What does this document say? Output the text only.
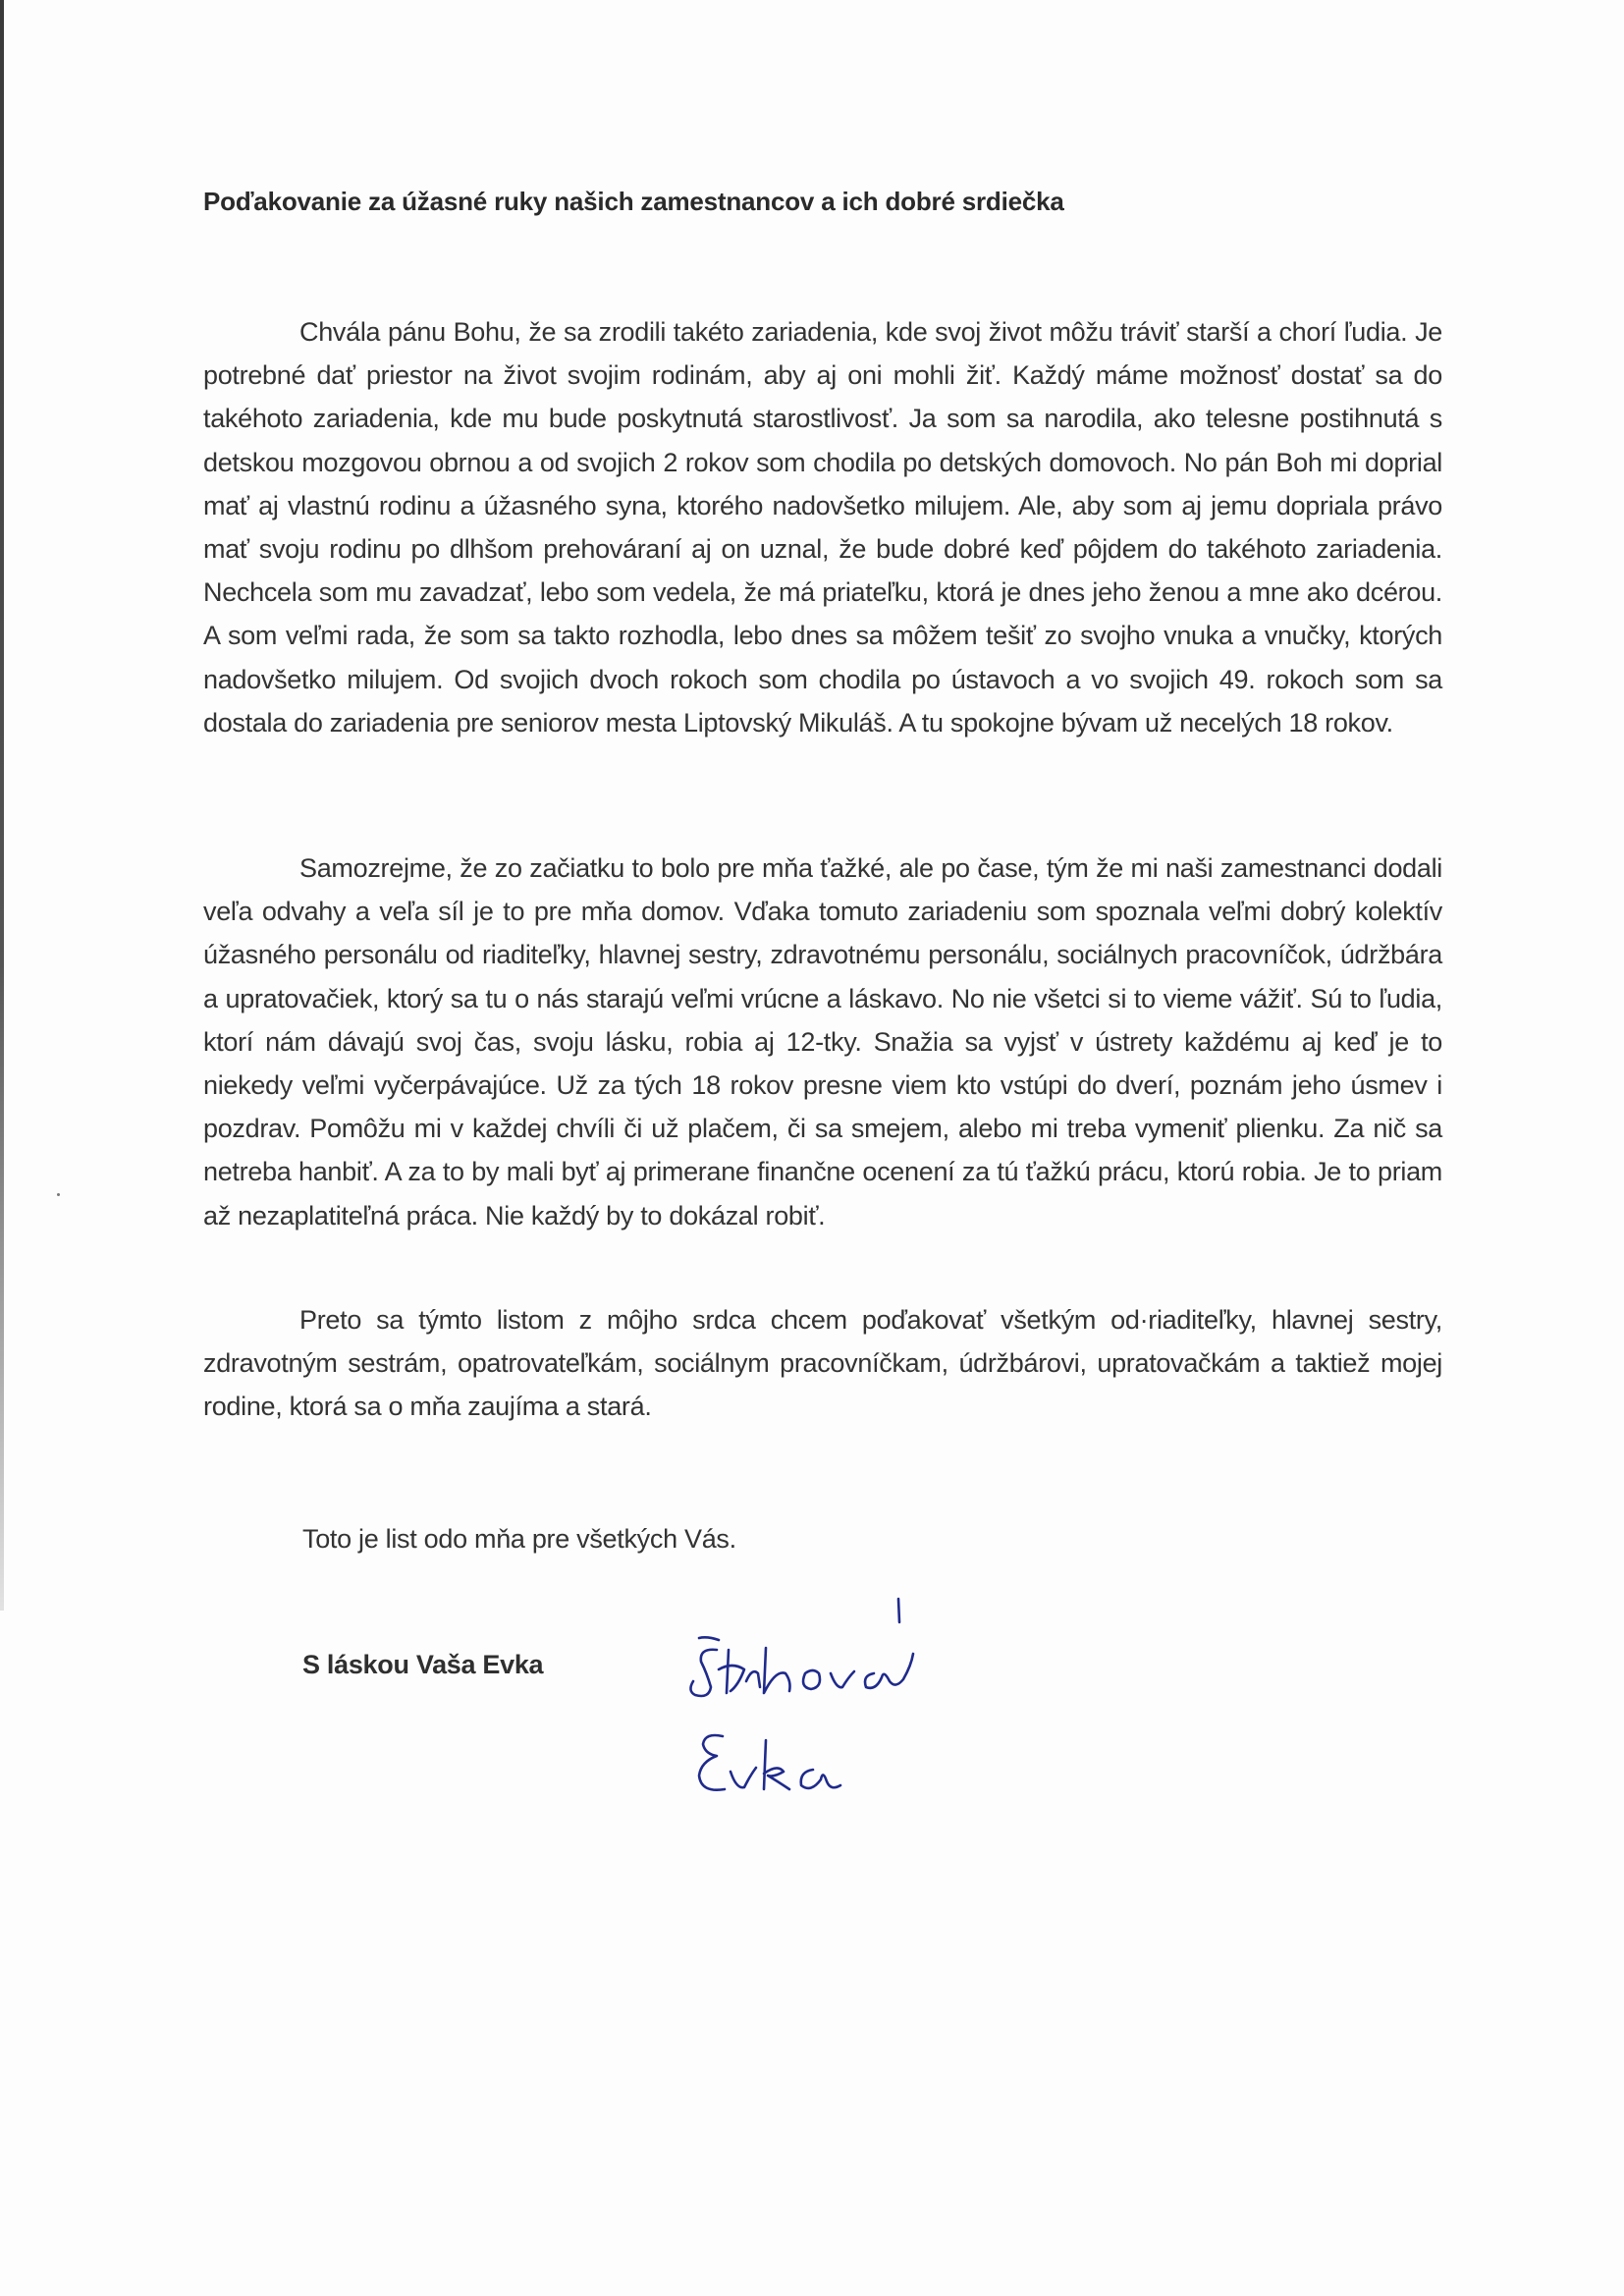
Poďakovanie za úžasné ruky našich zamestnancov a ich dobré srdiečka

Chvála pánu Bohu, že sa zrodili takéto zariadenia, kde svoj život môžu tráviť starší a chorí ľudia. Je potrebné dať priestor na život svojim rodinám, aby aj oni mohli žiť. Každý máme možnosť dostať sa do takéhoto zariadenia, kde mu bude poskytnutá starostlivosť. Ja som sa narodila, ako telesne postihnutá s detskou mozgovou obrnou a od svojich 2 rokov som chodila po detských domovoch. No pán Boh mi doprial mať aj vlastnú rodinu a úžasného syna, ktorého nadovšetko milujem. Ale, aby som aj jemu dopriala právo mať svoju rodinu po dlhšom prehováraní aj on uznal, že bude dobré keď pôjdem do takéhoto zariadenia. Nechcela som mu zavadzať, lebo som vedela, že má priateľku, ktorá je dnes jeho ženou a mne ako dcérou. A som veľmi rada, že som sa takto rozhodla, lebo dnes sa môžem tešiť zo svojho vnuka a vnučky, ktorých nadovšetko milujem. Od svojich dvoch rokoch som chodila po ústavoch a vo svojich 49. rokoch som sa dostala do zariadenia pre seniorov mesta Liptovský Mikuláš. A tu spokojne bývam už necelých 18 rokov.

Samozrejme, že zo začiatku to bolo pre mňa ťažké, ale po čase, tým že mi naši zamestnanci dodali veľa odvahy a veľa síl je to pre mňa domov. Vďaka tomuto zariadeniu som spoznala veľmi dobrý kolektív úžasného personálu od riaditeľky, hlavnej sestry, zdravotnému personálu, sociálnych pracovníčok, údržbára a upratovačiek, ktorý sa tu o nás starajú veľmi vrúcne a láskavo. No nie všetci si to vieme vážiť. Sú to ľudia, ktorí nám dávajú svoj čas, svoju lásku, robia aj 12-tky. Snažia sa vyjsť v ústrety každému aj keď je to niekedy veľmi vyčerpávajúce. Už za tých 18 rokov presne viem kto vstúpi do dverí, poznám jeho úsmev i pozdrav. Pomôžu mi v každej chvíli či už plačem, či sa smejem, alebo mi treba vymeniť plienku. Za nič sa netreba hanbiť. A za to by mali byť aj primerane finančne ocenení za tú ťažkú prácu, ktorú robia. Je to priam až nezaplatiteľná práca. Nie každý by to dokázal robiť.

Preto sa týmto listom z môjho srdca chcem poďakovať všetkým od·riaditeľky, hlavnej sestry, zdravotným sestrám, opatrovateľkám, sociálnym pracovníčkam, údržbárovi, upratovačkám a taktiež mojej rodine, ktorá sa o mňa zaujíma a stará.

Toto je list odo mňa pre všetkých Vás.
S láskou Vaša Evka
